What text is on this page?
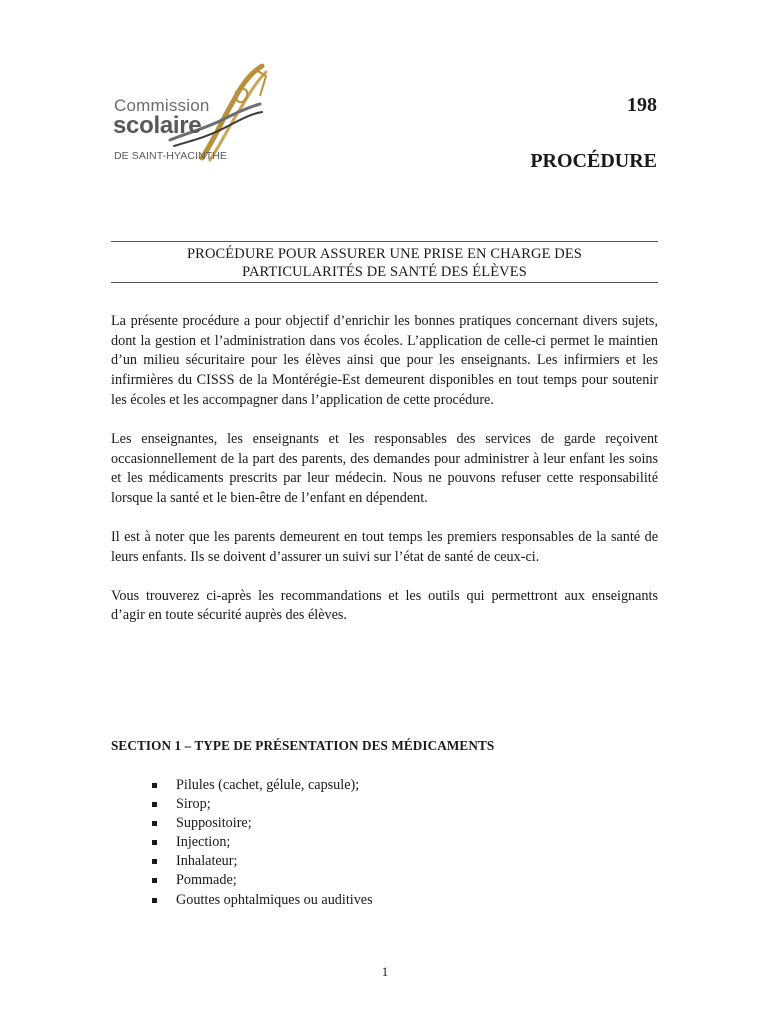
Commission
scolaire
DE SAINT-HYACINTHE
198
PROCÉDURE
PROCÉDURE POUR ASSURER UNE PRISE EN CHARGE DES
PARTICULARITÉS DE SANTÉ DES ÉLÈVES

La présente procédure a pour objectif d’enrichir les bonnes pratiques concernant divers sujets, dont la gestion et l’administration dans vos écoles. L’application de celle-ci permet le maintien d’un milieu sécuritaire pour les élèves ainsi que pour les enseignants. Les infirmiers et les infirmières du CISSS de la Montérégie-Est demeurent disponibles en tout temps pour soutenir les écoles et les accompagner dans l’application de cette procédure.

Les enseignantes, les enseignants et les responsables des services de garde reçoivent occasionnellement de la part des parents, des demandes pour administrer à leur enfant les soins et les médicaments prescrits par leur médecin. Nous ne pouvons refuser cette responsabilité lorsque la santé et le bien-être de l’enfant en dépendent.

Il est à noter que les parents demeurent en tout temps les premiers responsables de la santé de leurs enfants. Ils se doivent d’assurer un suivi sur l’état de santé de ceux-ci.

Vous trouverez ci-après les recommandations et les outils qui permettront aux enseignants d’agir en toute sécurité auprès des élèves.

SECTION 1 – TYPE DE PRÉSENTATION DES MÉDICAMENTS
Pilules (cachet, gélule, capsule);
Sirop;
Suppositoire;
Injection;
Inhalateur;
Pommade;
Gouttes ophtalmiques ou auditives
1
